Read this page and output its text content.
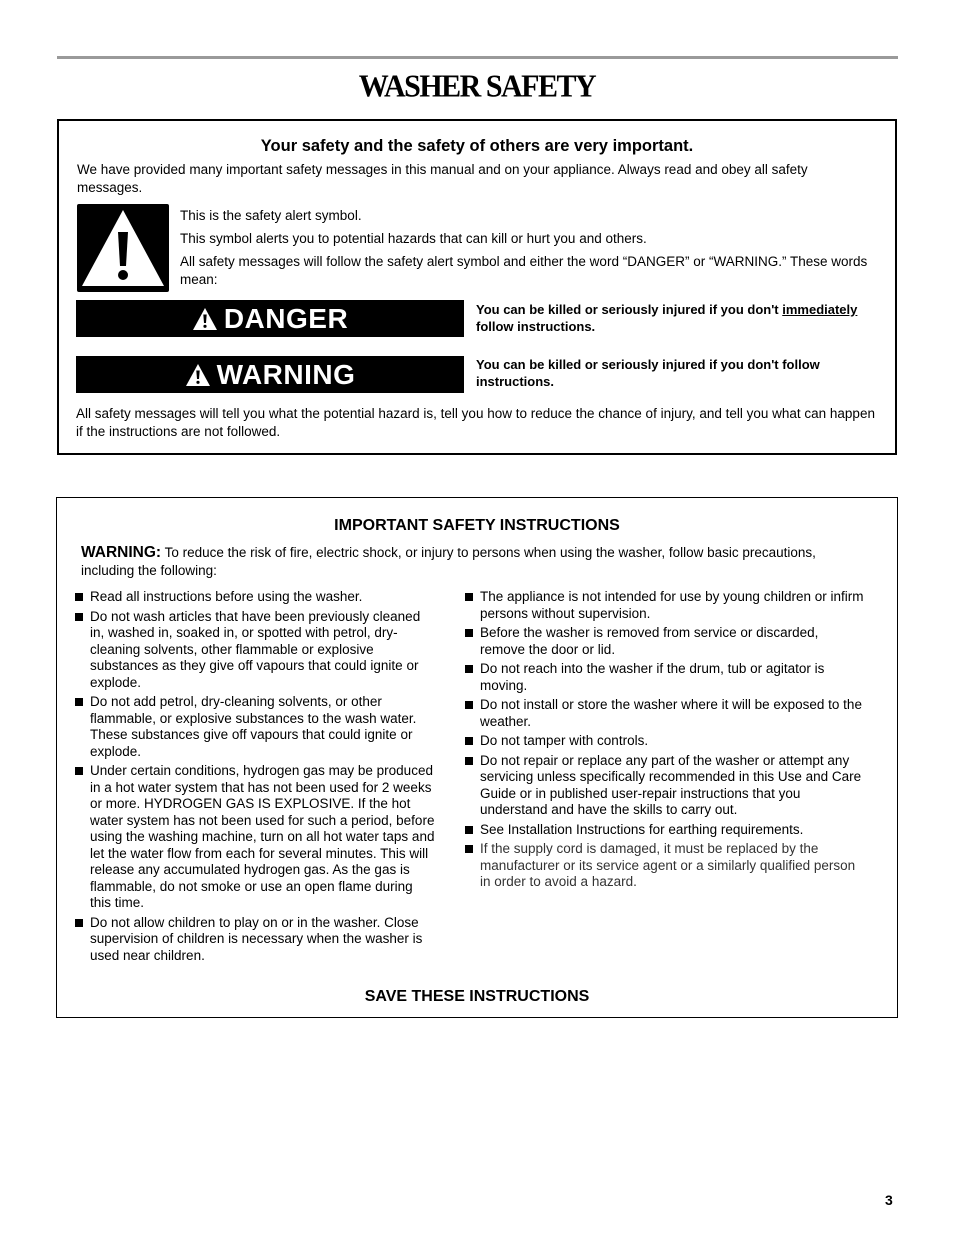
WASHER SAFETY
Your safety and the safety of others are very important.
We have provided many important safety messages in this manual and on your appliance. Always read and obey all safety messages.

This is the safety alert symbol.

This symbol alerts you to potential hazards that can kill or hurt you and others.

All safety messages will follow the safety alert symbol and either the word “DANGER” or “WARNING.” These words mean:

DANGER	You can be killed or seriously injured if you don't immediately follow instructions.
WARNING	You can be killed or seriously injured if you don't follow instructions.
All safety messages will tell you what the potential hazard is, tell you how to reduce the chance of injury, and tell you what can happen if the instructions are not followed.
IMPORTANT SAFETY INSTRUCTIONS
WARNING: To reduce the risk of fire, electric shock, or injury to persons when using the washer, follow basic precautions, including the following:
Read all instructions before using the washer.
Do not wash articles that have been previously cleaned in, washed in, soaked in, or spotted with petrol, dry-cleaning solvents, other flammable or explosive substances as they give off vapours that could ignite or explode.
Do not add petrol, dry-cleaning solvents, or other flammable, or explosive substances to the wash water. These substances give off vapours that could ignite or explode.
Under certain conditions, hydrogen gas may be produced in a hot water system that has not been used for 2 weeks or more. HYDROGEN GAS IS EXPLOSIVE. If the hot water system has not been used for such a period, before using the washing machine, turn on all hot water taps and let the water flow from each for several minutes. This will release any accumulated hydrogen gas. As the gas is flammable, do not smoke or use an open flame during this time.
Do not allow children to play on or in the washer. Close supervision of children is necessary when the washer is used near children.
The appliance is not intended for use by young children or infirm persons without supervision.
Before the washer is removed from service or discarded, remove the door or lid.
Do not reach into the washer if the drum, tub or agitator is moving.
Do not install or store the washer where it will be exposed to the weather.
Do not tamper with controls.
Do not repair or replace any part of the washer or attempt any servicing unless specifically recommended in this Use and Care Guide or in published user-repair instructions that you understand and have the skills to carry out.
See Installation Instructions for earthing requirements.
If the supply cord is damaged, it must be replaced by the manufacturer or its service agent or a similarly qualified person in order to avoid a hazard.
SAVE THESE INSTRUCTIONS
3
